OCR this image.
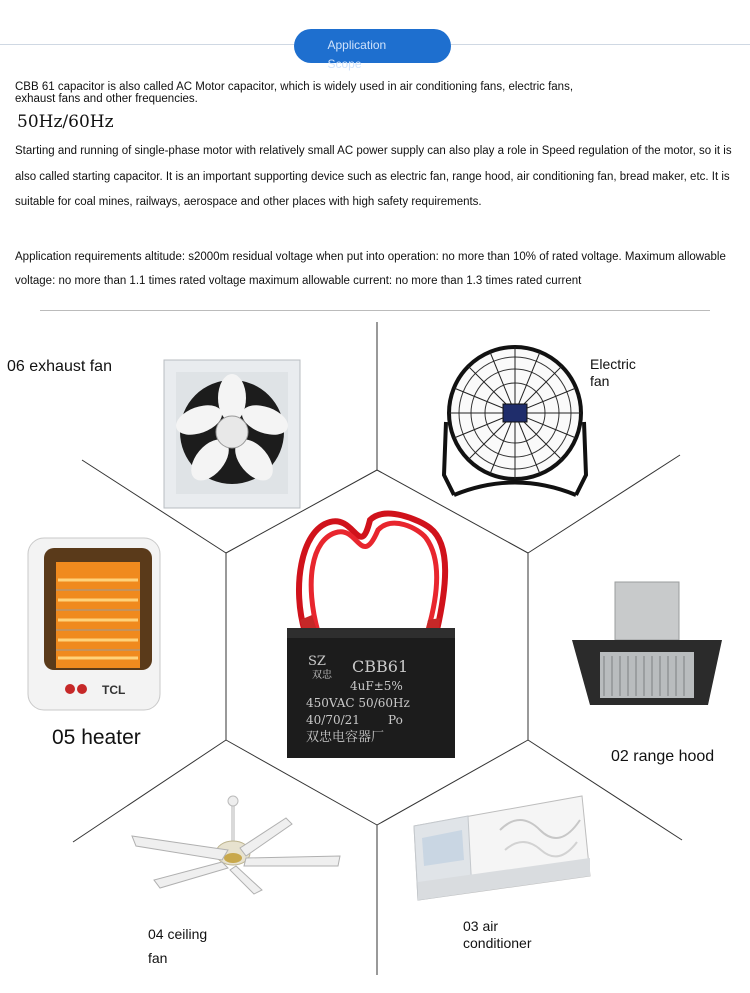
Application Scope
CBB 61 capacitor is also called AC Motor capacitor, which is widely used in air conditioning fans, electric fans, exhaust fans and other frequencies.
50Hz/60Hz
Starting and running of single-phase motor with relatively small AC power supply can also play a role in Speed regulation of the motor, so it is also called starting capacitor. It is an important supporting device such as electric fan, range hood, air conditioning fan, bread maker, etc. It is suitable for coal mines, railways, aerospace and other places with high safety requirements.
Application requirements altitude: s2000m residual voltage when put into operation: no more than 10% of rated voltage. Maximum allowable voltage: no more than 1.1 times rated voltage maximum allowable current: no more than 1.3 times rated current
TCL
SZ
双忠 CBB61
4uF±5%
450VAC 50/60Hz
40/70/21 Po
双忠电容器厂
06 exhaust fan	Electric fan
05 heater
02 range hood
04 ceiling fan
03 air conditioner
